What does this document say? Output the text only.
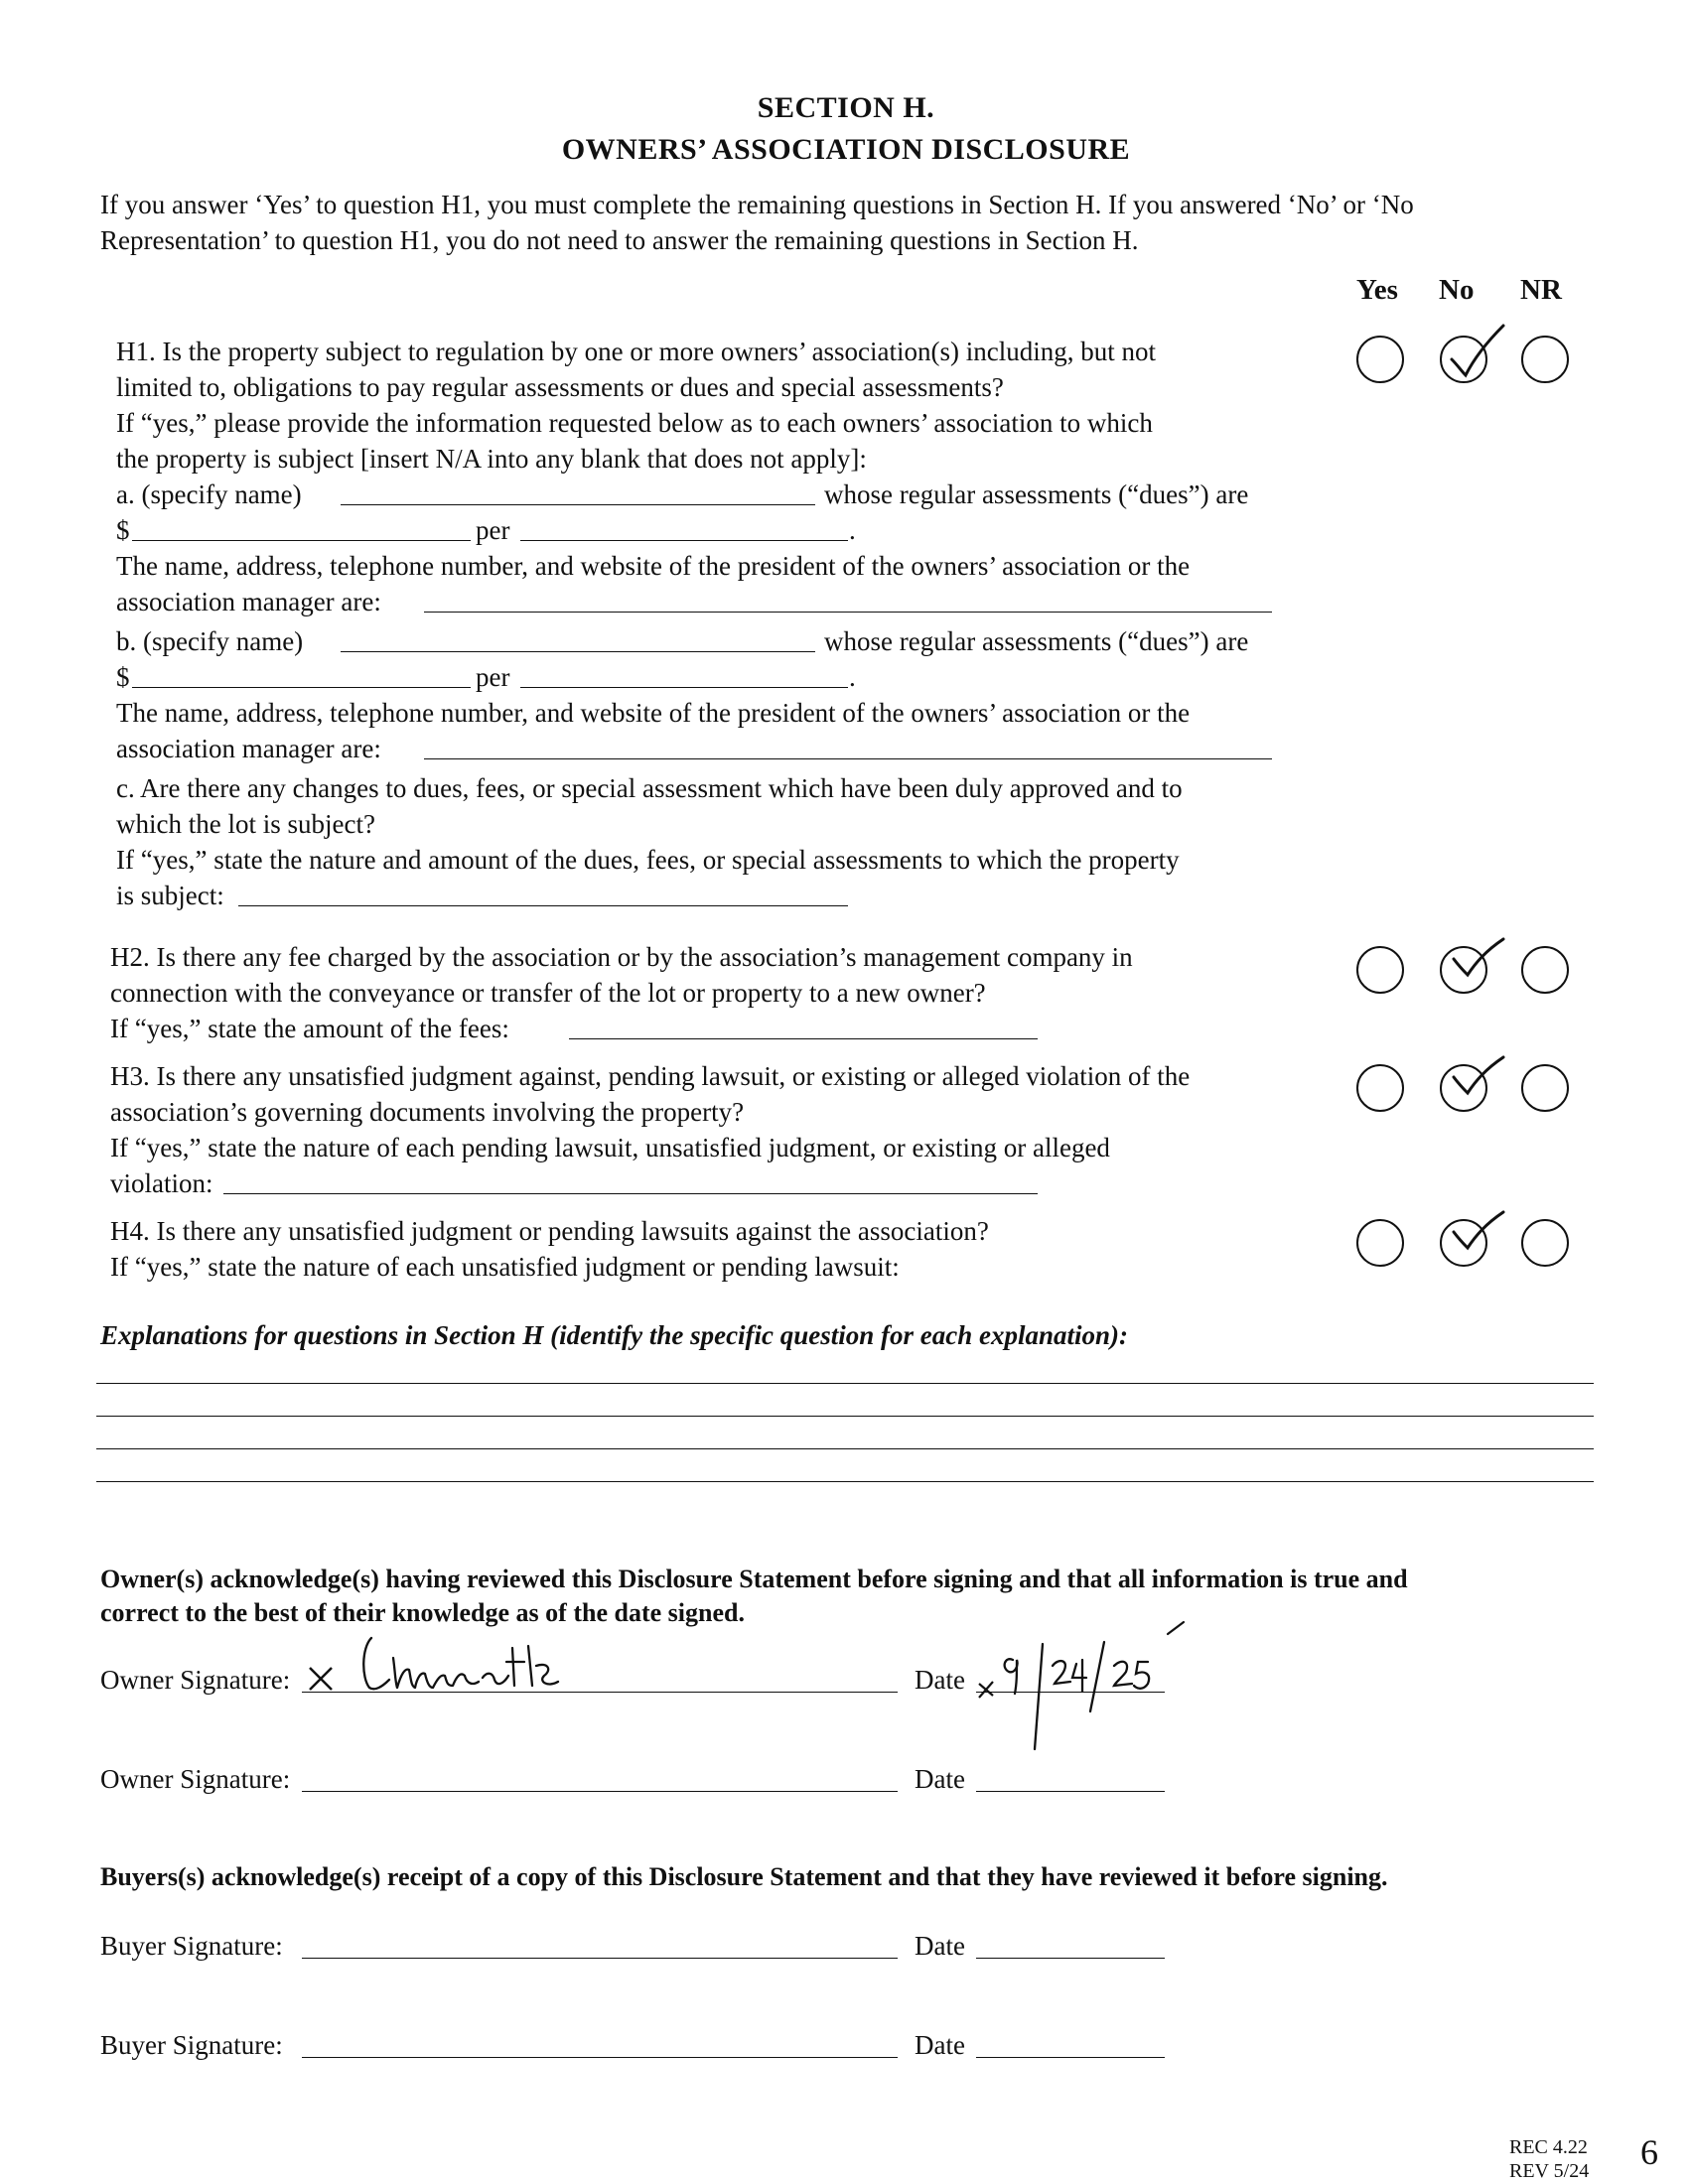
SECTION H.
OWNERS’ ASSOCIATION DISCLOSURE
If you answer ‘Yes’ to question H1, you must complete the remaining questions in Section H. If you answered ‘No’ or ‘No
Representation’ to question H1, you do not need to answer the remaining questions in Section H.
Yes No NR
H1. Is the property subject to regulation by one or more owners’ association(s) including, but not
limited to, obligations to pay regular assessments or dues and special assessments?
If “yes,” please provide the information requested below as to each owners’ association to which
the property is subject [insert N/A into any blank that does not apply]:
a. (specify name)	whose regular assessments (“dues”) are
$	per	.
The name, address, telephone number, and website of the president of the owners’ association or the
association manager are:
b. (specify name)	whose regular assessments (“dues”) are
$	per	.
The name, address, telephone number, and website of the president of the owners’ association or the
association manager are:
c. Are there any changes to dues, fees, or special assessment which have been duly approved and to
which the lot is subject?
If “yes,” state the nature and amount of the dues, fees, or special assessments to which the property
is subject:
H2. Is there any fee charged by the association or by the association’s management company in
connection with the conveyance or transfer of the lot or property to a new owner?
If “yes,” state the amount of the fees:
H3. Is there any unsatisfied judgment against, pending lawsuit, or existing or alleged violation of the
association’s governing documents involving the property?
If “yes,” state the nature of each pending lawsuit, unsatisfied judgment, or existing or alleged
violation:
H4. Is there any unsatisfied judgment or pending lawsuits against the association?
If “yes,” state the nature of each unsatisfied judgment or pending lawsuit:
Explanations for questions in Section H (identify the specific question for each explanation):
Owner(s) acknowledge(s) having reviewed this Disclosure Statement before signing and that all information is true and
correct to the best of their knowledge as of the date signed.
Owner Signature:	Date
Owner Signature:	Date
Buyers(s) acknowledge(s) receipt of a copy of this Disclosure Statement and that they have reviewed it before signing.
Buyer Signature:	Date
Buyer Signature:	Date
REC 4.22
REV 5/24 6
